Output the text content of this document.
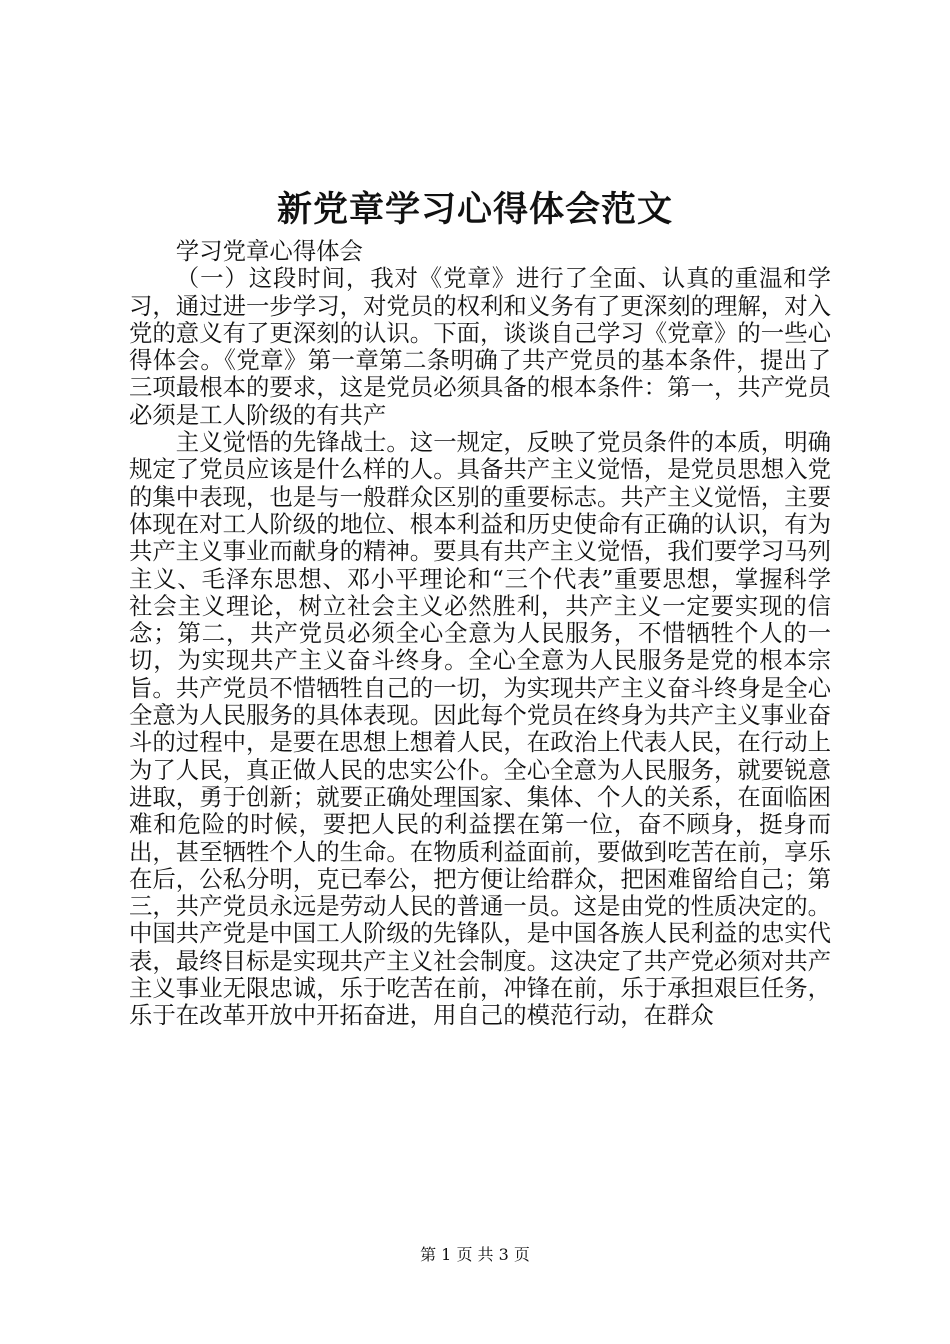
新党章学习心得体会范文

学习党章心得体会

（一）这段时间，我对《党章》进行了全面、认真的重温和学习，通过进一步学习，对党员的权利和义务有了更深刻的理解，对入党的意义有了更深刻的认识。下面，谈谈自己学习《党章》的一些心得体会。《党章》第一章第二条明确了共产党员的基本条件，提出了三项最根本的要求，这是党员必须具备的根本条件：第一，共产党员必须是工人阶级的有共产

主义觉悟的先锋战士。这一规定，反映了党员条件的本质，明确规定了党员应该是什么样的人。具备共产主义觉悟，是党员思想入党的集中表现，也是与一般群众区别的重要标志。共产主义觉悟，主要体现在对工人阶级的地位、根本利益和历史使命有正确的认识，有为共产主义事业而献身的精神。要具有共产主义觉悟，我们要学习马列主义、毛泽东思想、邓小平理论和“三个代表”重要思想，掌握科学社会主义理论，树立社会主义必然胜利，共产主义一定要实现的信念；第二，共产党员必须全心全意为人民服务，不惜牺牲个人的一切，为实现共产主义奋斗终身。全心全意为人民服务是党的根本宗旨。共产党员不惜牺牲自己的一切，为实现共产主义奋斗终身是全心全意为人民服务的具体表现。因此每个党员在终身为共产主义事业奋斗的过程中，是要在思想上想着人民，在政治上代表人民，在行动上为了人民，真正做人民的忠实公仆。全心全意为人民服务，就要锐意进取，勇于创新；就要正确处理国家、集体、个人的关系，在面临困难和危险的时候，要把人民的利益摆在第一位，奋不顾身，挺身而出，甚至牺牲个人的生命。在物质利益面前，要做到吃苦在前，享乐在后，公私分明，克已奉公，把方便让给群众，把困难留给自己；第三，共产党员永远是劳动人民的普通一员。这是由党的性质决定的。中国共产党是中国工人阶级的先锋队，是中国各族人民利益的忠实代表，最终目标是实现共产主义社会制度。这决定了共产党必须对共产主义事业无限忠诚，乐于吃苦在前，冲锋在前，乐于承担艰巨任务，乐于在改革开放中开拓奋进，用自己的模范行动，在群众

第 1 页 共 3 页
